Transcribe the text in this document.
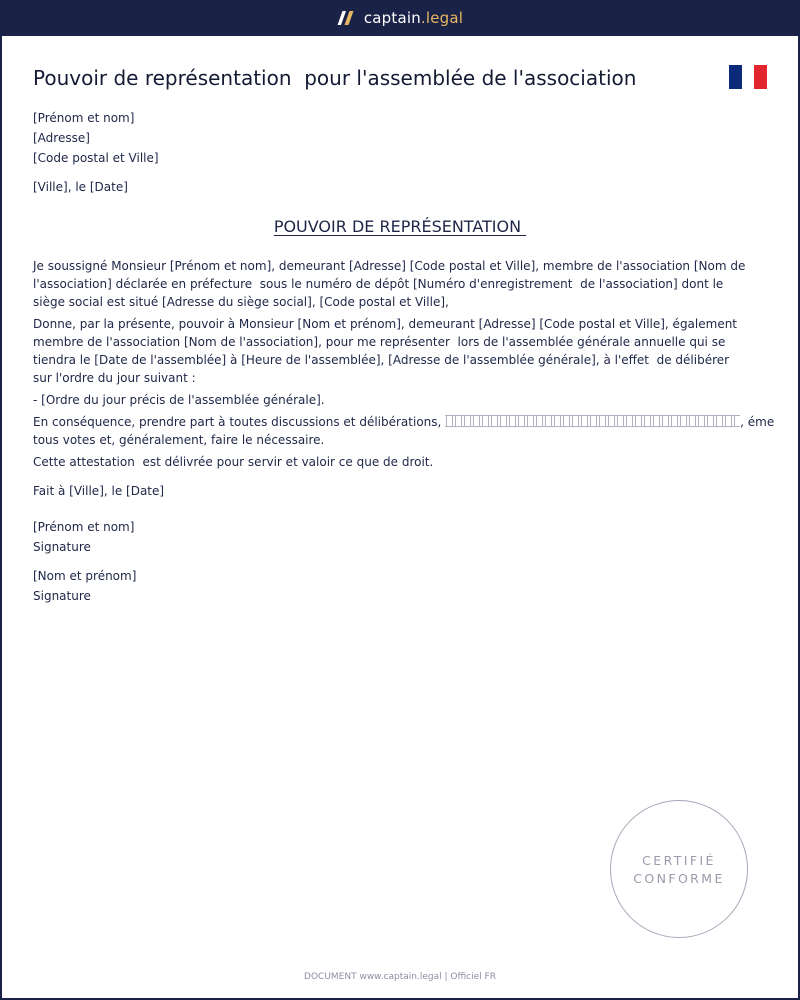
captain.legal
Pouvoir de représentation  pour l'assemblée de l'association

[Prénom et nom]

[Adresse]

[Code postal et Ville]

[Ville], le [Date]

POUVOIR DE REPRÉSENTATION
Je soussigné Monsieur [Prénom et nom], demeurant [Adresse] [Code postal et Ville], membre de l'association [Nom de
l'association] déclarée en préfecture  sous le numéro de dépôt [Numéro d'enregistrement  de l'association] dont le
siège social est situé [Adresse du siège social], [Code postal et Ville],
Donne, par la présente, pouvoir à Monsieur [Nom et prénom], demeurant [Adresse] [Code postal et Ville], également
membre de l'association [Nom de l'association], pour me représenter  lors de l'assemblée générale annuelle qui se
tiendra le [Date de l'assemblée] à [Heure de l'assemblée], [Adresse de l'assemblée générale], à l'effet  de délibérer
sur l'ordre du jour suivant :

- [Ordre du jour précis de l'assemblée générale].

En conséquence, prendre part à toutes discussions et délibérations,	, éme
tous votes et, généralement, faire le nécessaire.

Cette attestation  est délivrée pour servir et valoir ce que de droit.

Fait à [Ville], le [Date]

[Prénom et nom]

Signature

[Nom et prénom]

Signature

CERTIFIÉ
CONFORME
DOCUMENT www.captain.legal | Officiel FR
